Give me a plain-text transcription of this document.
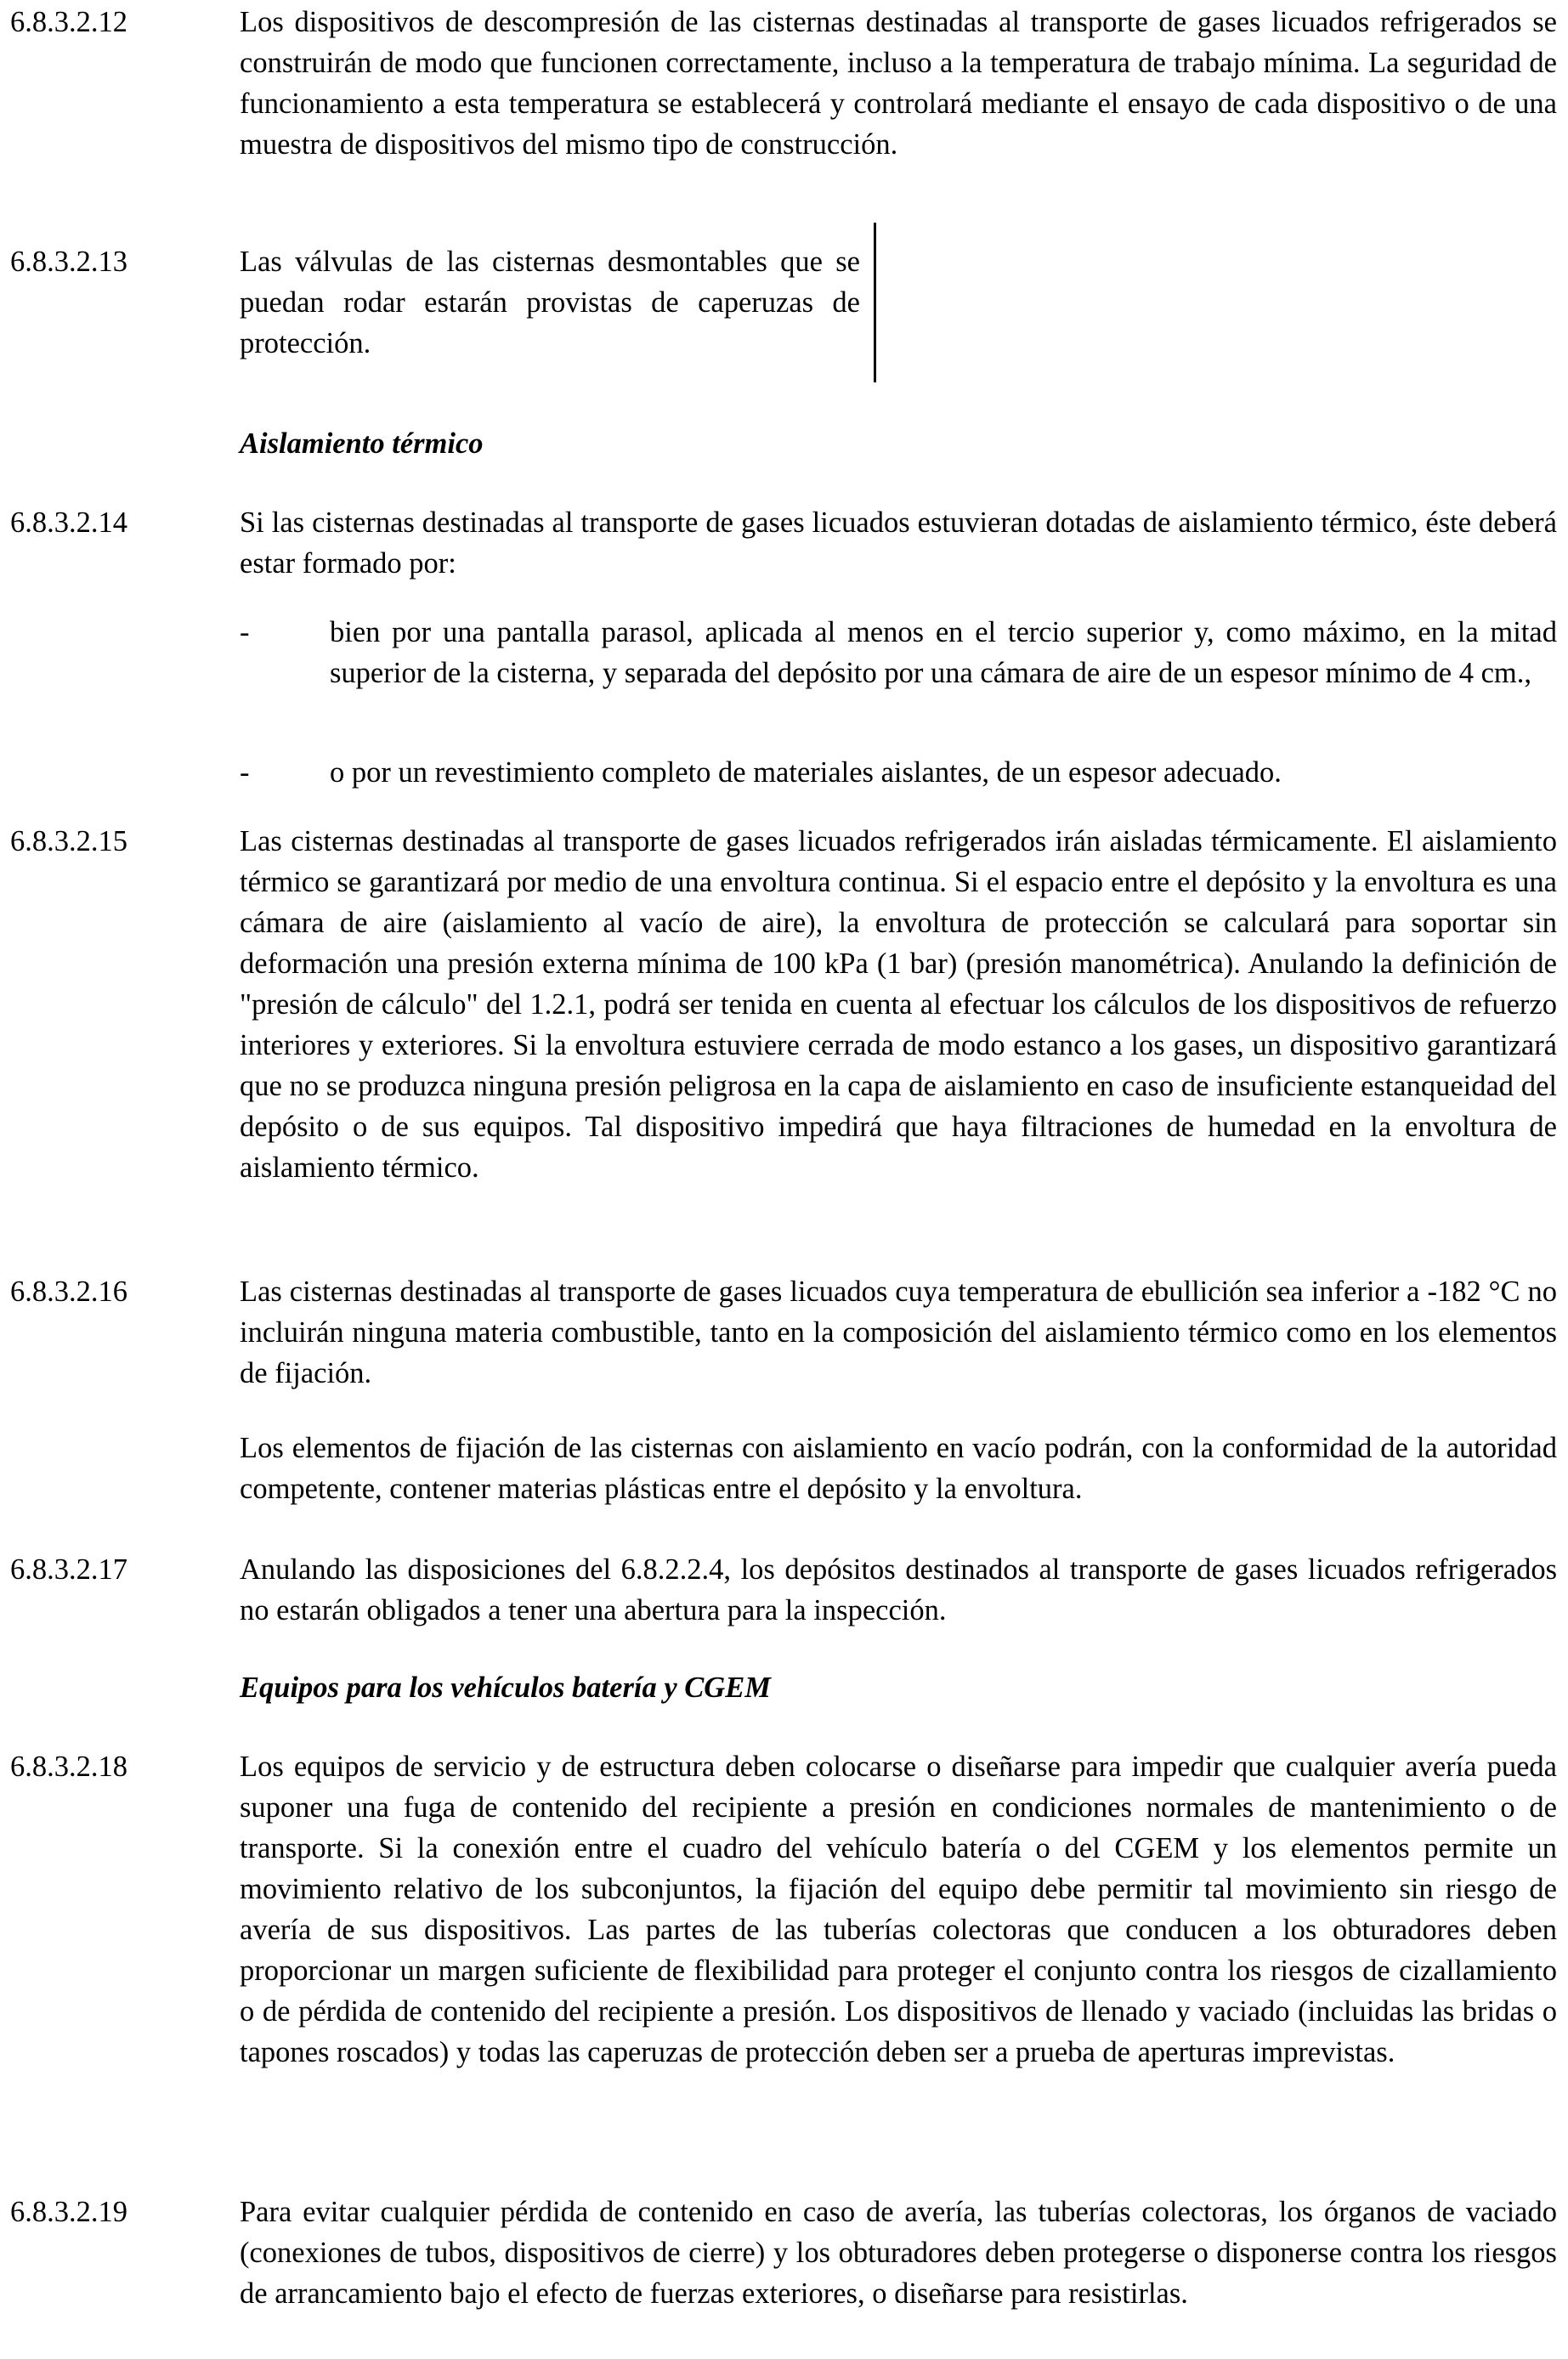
6.8.3.2.12	Los dispositivos de descompresión de las cisternas destinadas al transporte de gases licuados refrigerados se construirán de modo que funcionen correctamente, incluso a la temperatura de trabajo mínima. La seguridad de funcionamiento a esta temperatura se establecerá y controlará mediante el ensayo de cada dispositivo o de una muestra de dispositivos del mismo tipo de construcción.
6.8.3.2.13	Las válvulas de las cisternas desmontables que se puedan rodar estarán provistas de caperuzas de protección.
Aislamiento térmico
6.8.3.2.14	Si las cisternas destinadas al transporte de gases licuados estuvieran dotadas de aislamiento térmico, éste deberá estar formado por:
-	bien por una pantalla parasol, aplicada al menos en el tercio superior y, como máximo, en la mitad superior de la cisterna, y separada del depósito por una cámara de aire de un espesor mínimo de 4 cm.,
-	o por un revestimiento completo de materiales aislantes, de un espesor adecuado.
6.8.3.2.15	Las cisternas destinadas al transporte de gases licuados refrigerados irán aisladas térmicamente. El aislamiento térmico se garantizará por medio de una envoltura continua. Si el espacio entre el depósito y la envoltura es una cámara de aire (aislamiento al vacío de aire), la envoltura de protección se calculará para soportar sin deformación una presión externa mínima de 100 kPa (1 bar) (presión manométrica). Anulando la definición de "presión de cálculo" del 1.2.1, podrá ser tenida en cuenta al efectuar los cálculos de los dispositivos de refuerzo interiores y exteriores. Si la envoltura estuviere cerrada de modo estanco a los gases, un dispositivo garantizará que no se produzca ninguna presión peligrosa en la capa de aislamiento en caso de insuficiente estanqueidad del depósito o de sus equipos. Tal dispositivo impedirá que haya filtraciones de humedad en la envoltura de aislamiento térmico.
6.8.3.2.16	Las cisternas destinadas al transporte de gases licuados cuya temperatura de ebullición sea inferior a -182 °C no incluirán ninguna materia combustible, tanto en la composición del aislamiento térmico como en los elementos de fijación.
Los elementos de fijación de las cisternas con aislamiento en vacío podrán, con la conformidad de la autoridad competente, contener materias plásticas entre el depósito y la envoltura.
6.8.3.2.17	Anulando las disposiciones del 6.8.2.2.4, los depósitos destinados al transporte de gases licuados refrigerados no estarán obligados a tener una abertura para la inspección.
Equipos para los vehículos batería y CGEM
6.8.3.2.18	Los equipos de servicio y de estructura deben colocarse o diseñarse para impedir que cualquier avería pueda suponer una fuga de contenido del recipiente a presión en condiciones normales de mantenimiento o de transporte. Si la conexión entre el cuadro del vehículo batería o del CGEM y los elementos permite un movimiento relativo de los subconjuntos, la fijación del equipo debe permitir tal movimiento sin riesgo de avería de sus dispositivos. Las partes de las tuberías colectoras que conducen a los obturadores deben proporcionar un margen suficiente de flexibilidad para proteger el conjunto contra los riesgos de cizallamiento o de pérdida de contenido del recipiente a presión. Los dispositivos de llenado y vaciado (incluidas las bridas o tapones roscados) y todas las caperuzas de protección deben ser a prueba de aperturas imprevistas.
6.8.3.2.19	Para evitar cualquier pérdida de contenido en caso de avería, las tuberías colectoras, los órganos de vaciado (conexiones de tubos, dispositivos de cierre) y los obturadores deben protegerse o disponerse contra los riesgos de arrancamiento bajo el efecto de fuerzas exteriores, o diseñarse para resistirlas.
